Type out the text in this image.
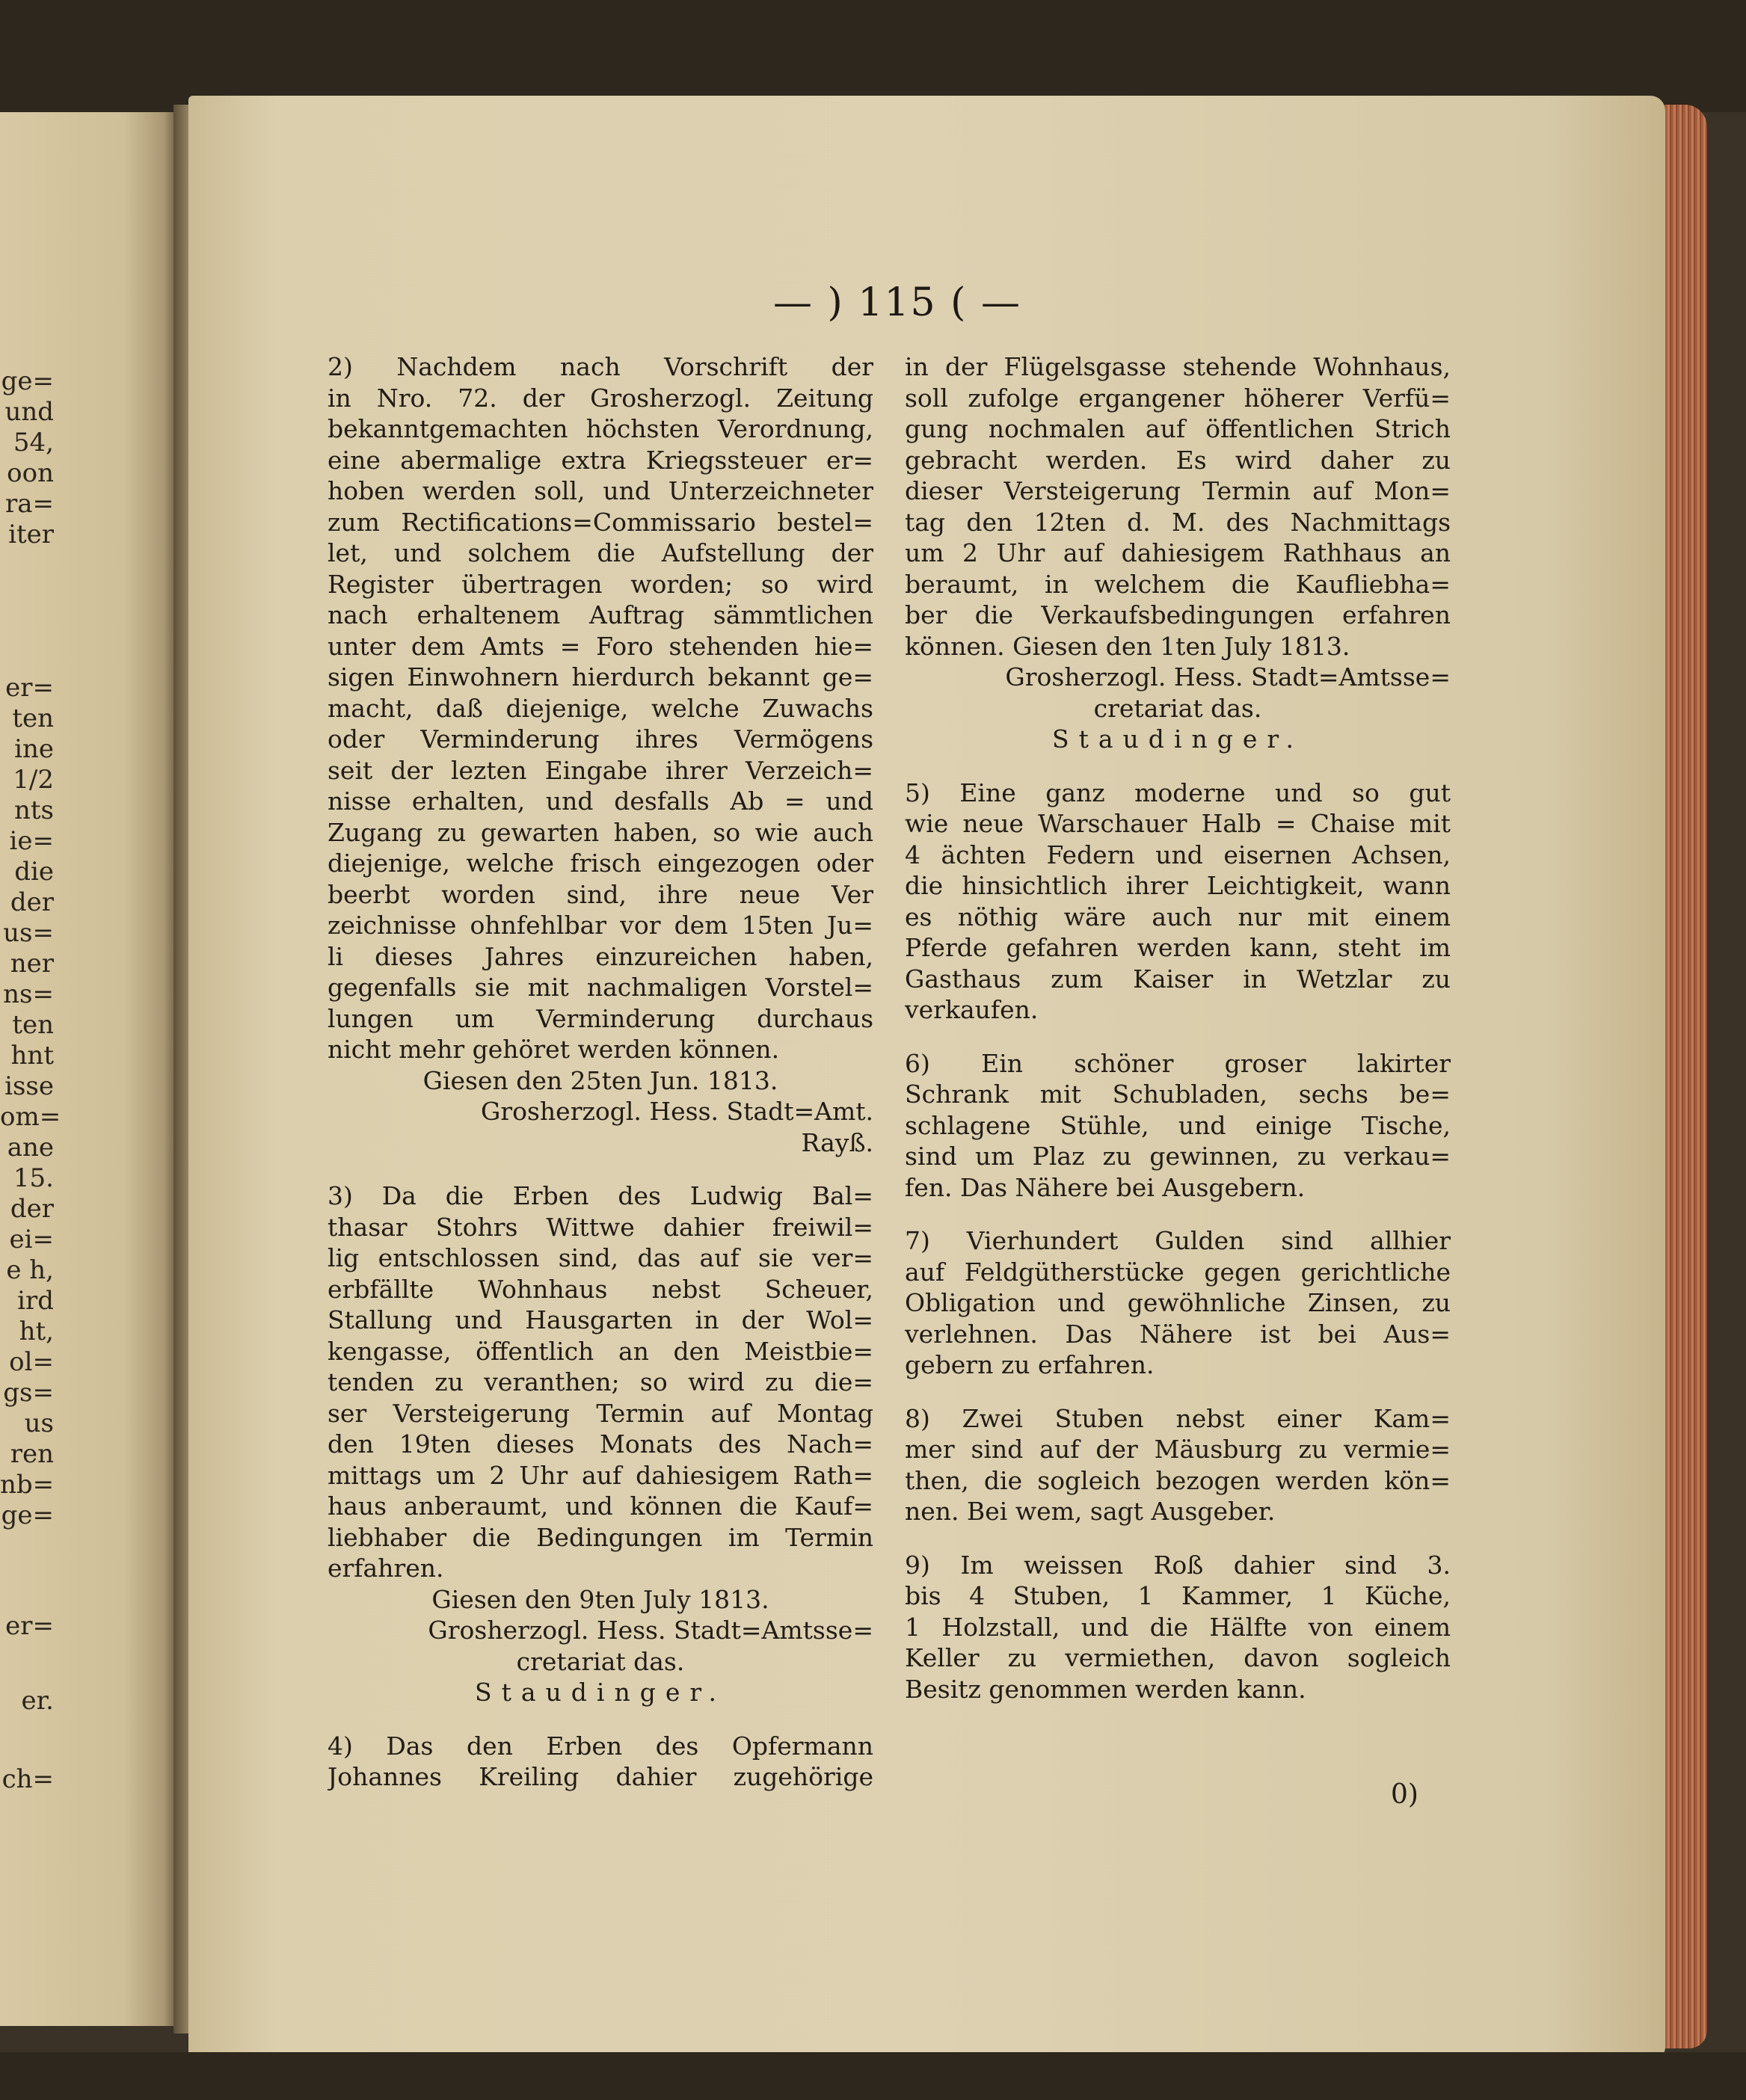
ge=
und
54,
oon
ra=
iter
er=
ten
ine
1/2
nts
ie=
die
der
us=
ner
ns=
ten
hnt
isse
om=
ane
15.
der
ei=
e h,
ird
ht,
ol=
gs=
us
ren
nb=
ge=
er=
er.
ch=
— ) 115 ( —
2) Nachdem nach Vorschrift der
in Nro. 72. der Grosherzogl. Zeitung
bekanntgemachten höchsten Verordnung,
eine abermalige extra Kriegssteuer er=
hoben werden soll, und Unterzeichneter
zum Rectifications=Commissario bestel=
let, und solchem die Aufstellung der
Register übertragen worden; so wird
nach erhaltenem Auftrag sämmtlichen
unter dem Amts = Foro stehenden hie=
sigen Einwohnern hierdurch bekannt ge=
macht, daß diejenige, welche Zuwachs
oder Verminderung ihres Vermögens
seit der lezten Eingabe ihrer Verzeich=
nisse erhalten, und desfalls Ab = und
Zugang zu gewarten haben, so wie auch
diejenige, welche frisch eingezogen oder
beerbt worden sind, ihre neue Ver
zeichnisse ohnfehlbar vor dem 15ten Ju=
li dieses Jahres einzureichen haben,
gegenfalls sie mit nachmaligen Vorstel=
lungen um Verminderung durchaus
nicht mehr gehöret werden können.
Giesen den 25ten Jun. 1813.
Grosherzogl. Hess. Stadt=Amt.
Rayß.
3) Da die Erben des Ludwig Bal=
thasar Stohrs Wittwe dahier freiwil=
lig entschlossen sind, das auf sie ver=
erbfällte Wohnhaus nebst Scheuer,
Stallung und Hausgarten in der Wol=
kengasse, öffentlich an den Meistbie=
tenden zu veranthen; so wird zu die=
ser Versteigerung Termin auf Montag
den 19ten dieses Monats des Nach=
mittags um 2 Uhr auf dahiesigem Rath=
haus anberaumt, und können die Kauf=
liebhaber die Bedingungen im Termin
erfahren.
Giesen den 9ten July 1813.
Grosherzogl. Hess. Stadt=Amtsse=
cretariat das.
Staudinger.
4) Das den Erben des Opfermann
Johannes Kreiling dahier zugehörige
in der Flügelsgasse stehende Wohnhaus,
soll zufolge ergangener höherer Verfü=
gung nochmalen auf öffentlichen Strich
gebracht werden. Es wird daher zu
dieser Versteigerung Termin auf Mon=
tag den 12ten d. M. des Nachmittags
um 2 Uhr auf dahiesigem Rathhaus an
beraumt, in welchem die Kaufliebha=
ber die Verkaufsbedingungen erfahren
können. Giesen den 1ten July 1813.
Grosherzogl. Hess. Stadt=Amtsse=
cretariat das.
Staudinger.
5) Eine ganz moderne und so gut
wie neue Warschauer Halb = Chaise mit
4 ächten Federn und eisernen Achsen,
die hinsichtlich ihrer Leichtigkeit, wann
es nöthig wäre auch nur mit einem
Pferde gefahren werden kann, steht im
Gasthaus zum Kaiser in Wetzlar zu
verkaufen.
6) Ein schöner groser lakirter
Schrank mit Schubladen, sechs be=
schlagene Stühle, und einige Tische,
sind um Plaz zu gewinnen, zu verkau=
fen. Das Nähere bei Ausgebern.
7) Vierhundert Gulden sind allhier
auf Feldgütherstücke gegen gerichtliche
Obligation und gewöhnliche Zinsen, zu
verlehnen. Das Nähere ist bei Aus=
gebern zu erfahren.
8) Zwei Stuben nebst einer Kam=
mer sind auf der Mäusburg zu vermie=
then, die sogleich bezogen werden kön=
nen. Bei wem, sagt Ausgeber.
9) Im weissen Roß dahier sind 3.
bis 4 Stuben, 1 Kammer, 1 Küche,
1 Holzstall, und die Hälfte von einem
Keller zu vermiethen, davon sogleich
Besitz genommen werden kann.
0)
